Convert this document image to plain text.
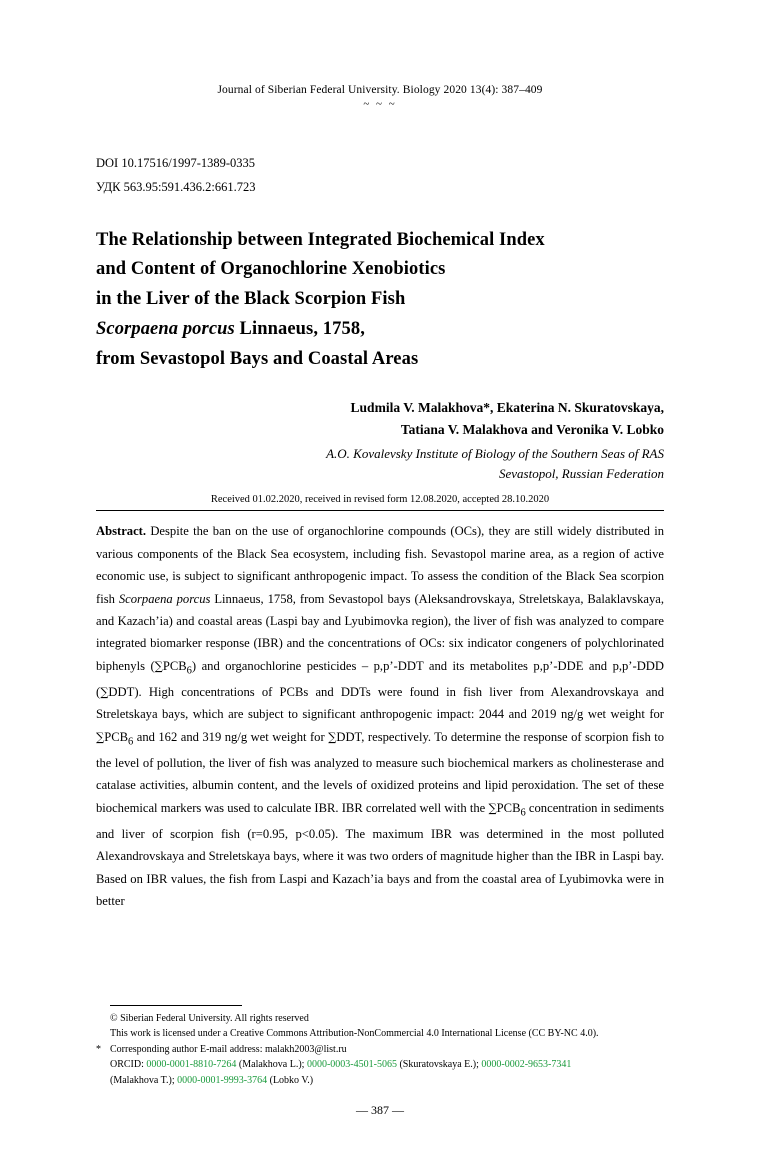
Journal of Siberian Federal University. Biology 2020 13(4): 387–409
~ ~ ~
DOI 10.17516/1997-1389-0335
УДК 563.95:591.436.2:661.723
The Relationship between Integrated Biochemical Index
and Content of Organochlorine Xenobiotics
in the Liver of the Black Scorpion Fish
Scorpaena porcus Linnaeus, 1758,
from Sevastopol Bays and Coastal Areas
Ludmila V. Malakhova*, Ekaterina N. Skuratovskaya,
Tatiana V. Malakhova and Veronika V. Lobko
A.O. Kovalevsky Institute of Biology of the Southern Seas of RAS
Sevastopol, Russian Federation
Received 01.02.2020, received in revised form 12.08.2020, accepted 28.10.2020
Abstract. Despite the ban on the use of organochlorine compounds (OCs), they are still widely distributed in various components of the Black Sea ecosystem, including fish. Sevastopol marine area, as a region of active economic use, is subject to significant anthropogenic impact. To assess the condition of the Black Sea scorpion fish Scorpaena porcus Linnaeus, 1758, from Sevastopol bays (Aleksandrovskaya, Streletskaya, Balaklavskaya, and Kazach’ia) and coastal areas (Laspi bay and Lyubimovka region), the liver of fish was analyzed to compare integrated biomarker response (IBR) and the concentrations of OCs: six indicator congeners of polychlorinated biphenyls $(\sum PCB_6)$ and organochlorine pesticides – p,p’-DDT and its metabolites p,p’-DDE and p,p’-DDD (∑DDT). High concentrations of PCBs and DDTs were found in fish liver from Alexandrovskaya and Streletskaya bays, which are subject to significant anthropogenic impact: 2044 and 2019 ng/g wet weight for $\sum PCB_6$ and 162 and 319 ng/g wet weight for ∑DDT, respectively. To determine the response of scorpion fish to the level of pollution, the liver of fish was analyzed to measure such biochemical markers as cholinesterase and catalase activities, albumin content, and the levels of oxidized proteins and lipid peroxidation. The set of these biochemical markers was used to calculate IBR. IBR correlated well with the $\sum PCB_6$ concentration in sediments and liver of scorpion fish (r=0.95, p<0.05). The maximum IBR was determined in the most polluted Alexandrovskaya and Streletskaya bays, where it was two orders of magnitude higher than the IBR in Laspi bay. Based on IBR values, the fish from Laspi and Kazach’ia bays and from the coastal area of Lyubimovka were in better
© Siberian Federal University. All rights reserved
This work is licensed under a Creative Commons Attribution-NonCommercial 4.0 International License (CC BY-NC 4.0).
* Corresponding author E-mail address: malakh2003@list.ru
ORCID: 0000-0001-8810-7264 (Malakhova L.); 0000-0003-4501-5065 (Skuratovskaya E.); 0000-0002-9653-7341
(Malakhova T.); 0000-0001-9993-3764 (Lobko V.)
— 387 —
